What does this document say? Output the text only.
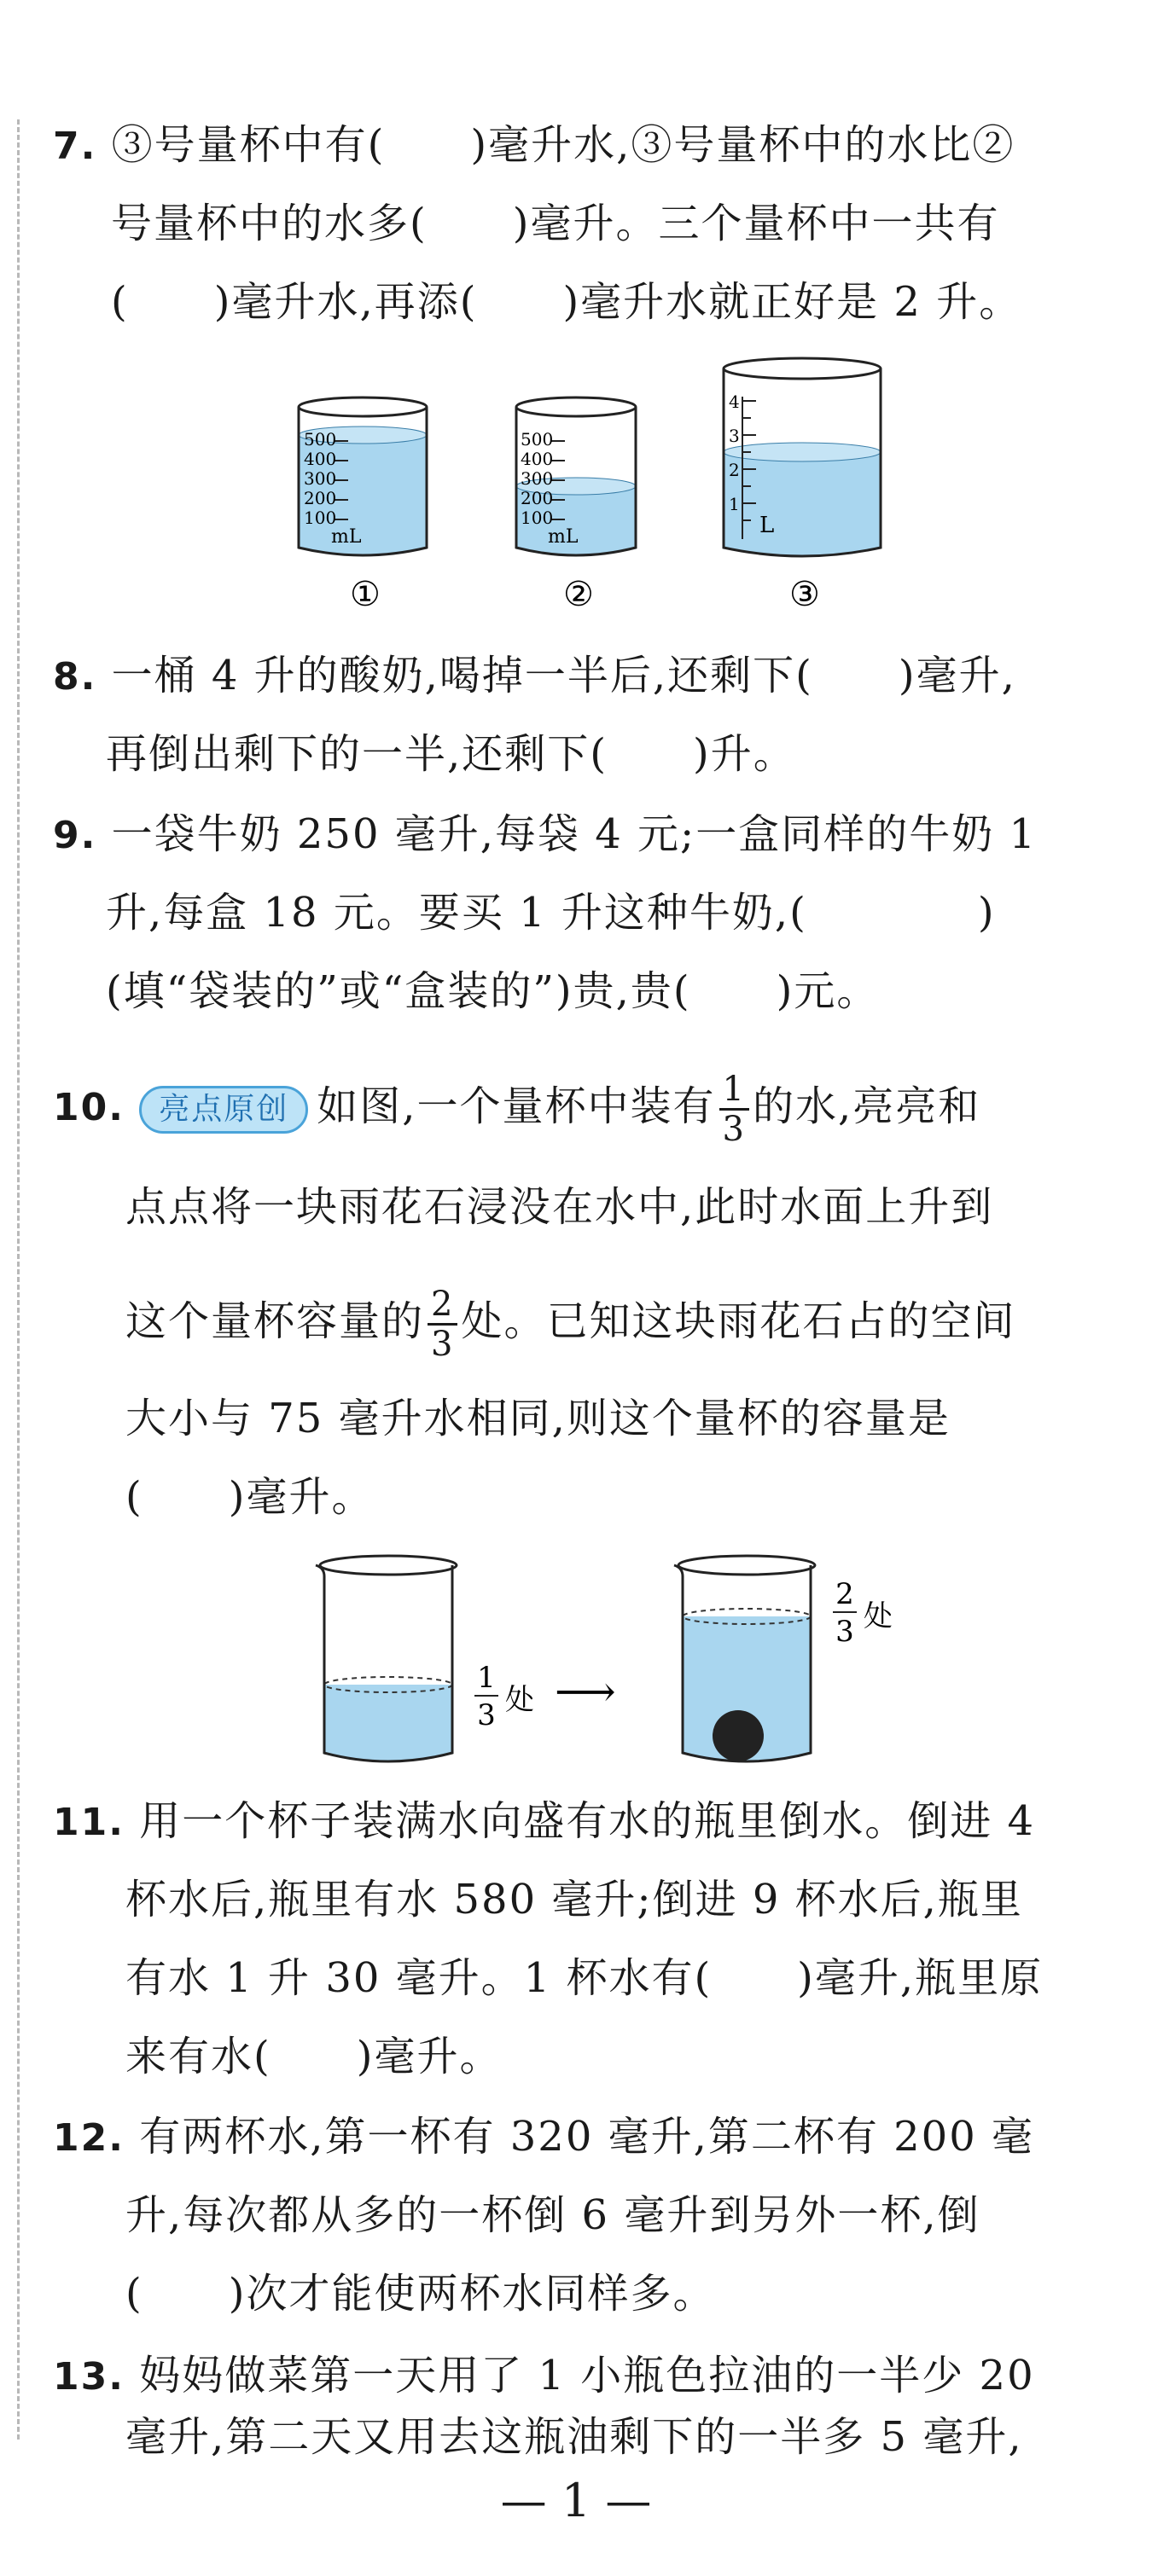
7. ③号量杯中有(　　)毫升水,③号量杯中的水比②
号量杯中的水多(　　)毫升。三个量杯中一共有
(　　)毫升水,再添(　　)毫升水就正好是 2 升。
500
400
300
200
100
mL
①
500
400
300
200
100
mL
②
4
3
2
1
L
③
8. 一桶 4 升的酸奶,喝掉一半后,还剩下(　　)毫升,
再倒出剩下的一半,还剩下(　　)升。
9. 一袋牛奶 250 毫升,每袋 4 元;一盒同样的牛奶 1
升,每盒 18 元。要买 1 升这种牛奶,(　　　　)
(填“袋装的”或“盒装的”)贵,贵(　　)元。
10. 亮点原创 如图,一个量杯中装有 $\frac{1}{3}$ 的水,亮亮和
点点将一块雨花石浸没在水中,此时水面上升到
这个量杯容量的 $\frac{2}{3}$ 处。已知这块雨花石占的空间
大小与 75 毫升水相同,则这个量杯的容量是
(　　)毫升。
1
3 处 ⟶
2
3 处
11. 用一个杯子装满水向盛有水的瓶里倒水。倒进 4
杯水后,瓶里有水 580 毫升;倒进 9 杯水后,瓶里
有水 1 升 30 毫升。1 杯水有(　　)毫升,瓶里原
来有水(　　)毫升。
12. 有两杯水,第一杯有 320 毫升,第二杯有 200 毫
升,每次都从多的一杯倒 6 毫升到另外一杯,倒
(　　)次才能使两杯水同样多。
13. 妈妈做菜第一天用了 1 小瓶色拉油的一半少 20
毫升,第二天又用去这瓶油剩下的一半多 5 毫升,
— 1 —
